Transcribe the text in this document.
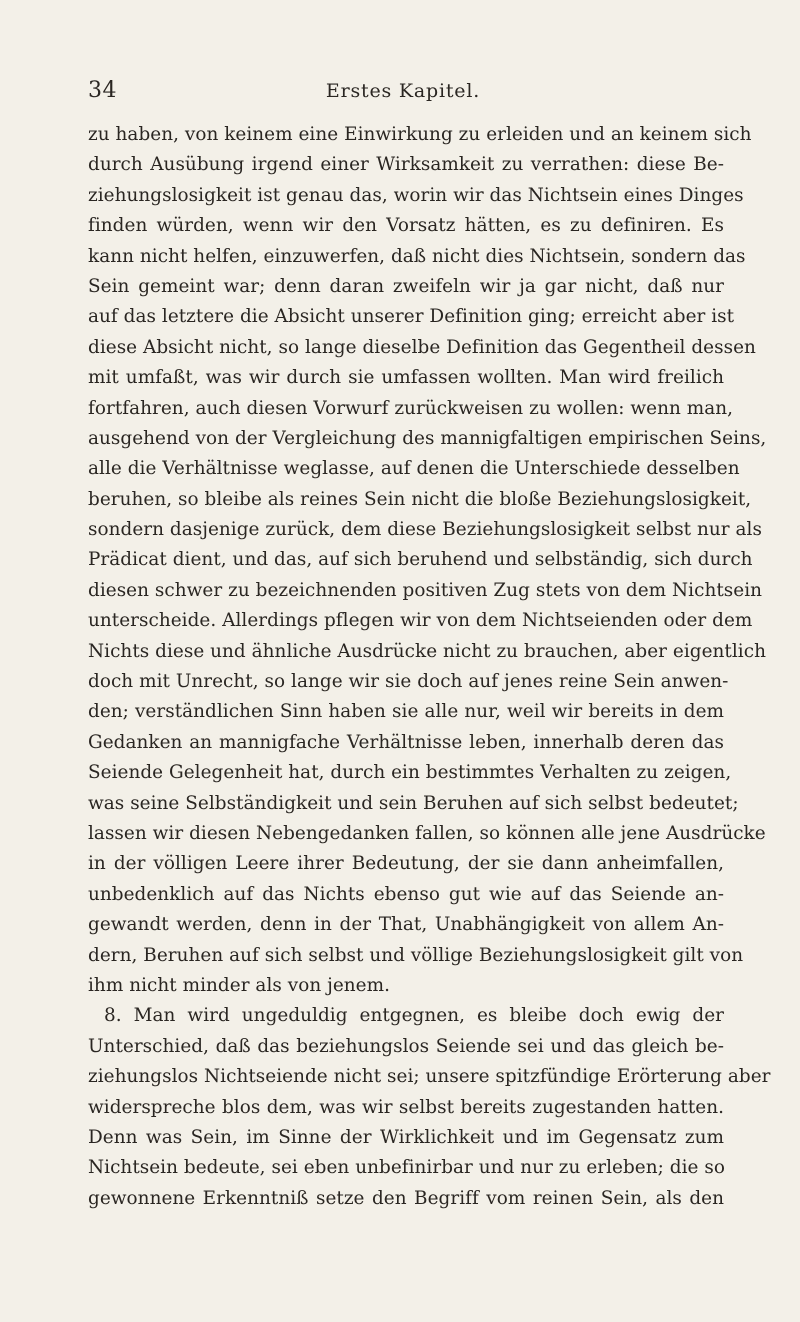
34	Erstes Kapitel.
zu haben, von keinem eine Einwirkung zu erleiden und an keinem sich
durch Ausübung irgend einer Wirksamkeit zu verrathen: diese Be-
ziehungslosigkeit ist genau das, worin wir das Nichtsein eines Dinges
finden würden, wenn wir den Vorsatz hätten, es zu definiren. Es
kann nicht helfen, einzuwerfen, daß nicht dies Nichtsein, sondern das
Sein gemeint war; denn daran zweifeln wir ja gar nicht, daß nur
auf das letztere die Absicht unserer Definition ging; erreicht aber ist
diese Absicht nicht, so lange dieselbe Definition das Gegentheil dessen
mit umfaßt, was wir durch sie umfassen wollten. Man wird freilich
fortfahren, auch diesen Vorwurf zurückweisen zu wollen: wenn man,
ausgehend von der Vergleichung des mannigfaltigen empirischen Seins,
alle die Verhältnisse weglasse, auf denen die Unterschiede desselben
beruhen, so bleibe als reines Sein nicht die bloße Beziehungslosigkeit,
sondern dasjenige zurück, dem diese Beziehungslosigkeit selbst nur als
Prädicat dient, und das, auf sich beruhend und selbständig, sich durch
diesen schwer zu bezeichnenden positiven Zug stets von dem Nichtsein
unterscheide. Allerdings pflegen wir von dem Nichtseienden oder dem
Nichts diese und ähnliche Ausdrücke nicht zu brauchen, aber eigentlich
doch mit Unrecht, so lange wir sie doch auf jenes reine Sein anwen-
den; verständlichen Sinn haben sie alle nur, weil wir bereits in dem
Gedanken an mannigfache Verhältnisse leben, innerhalb deren das
Seiende Gelegenheit hat, durch ein bestimmtes Verhalten zu zeigen,
was seine Selbständigkeit und sein Beruhen auf sich selbst bedeutet;
lassen wir diesen Nebengedanken fallen, so können alle jene Ausdrücke
in der völligen Leere ihrer Bedeutung, der sie dann anheimfallen,
unbedenklich auf das Nichts ebenso gut wie auf das Seiende an-
gewandt werden, denn in der That, Unabhängigkeit von allem An-
dern, Beruhen auf sich selbst und völlige Beziehungslosigkeit gilt von
ihm nicht minder als von jenem.
8. Man wird ungeduldig entgegnen, es bleibe doch ewig der
Unterschied, daß das beziehungslos Seiende sei und das gleich be-
ziehungslos Nichtseiende nicht sei; unsere spitzfündige Erörterung aber
widerspreche blos dem, was wir selbst bereits zugestanden hatten.
Denn was Sein, im Sinne der Wirklichkeit und im Gegensatz zum
Nichtsein bedeute, sei eben unbefinirbar und nur zu erleben; die so
gewonnene Erkenntniß setze den Begriff vom reinen Sein, als den
